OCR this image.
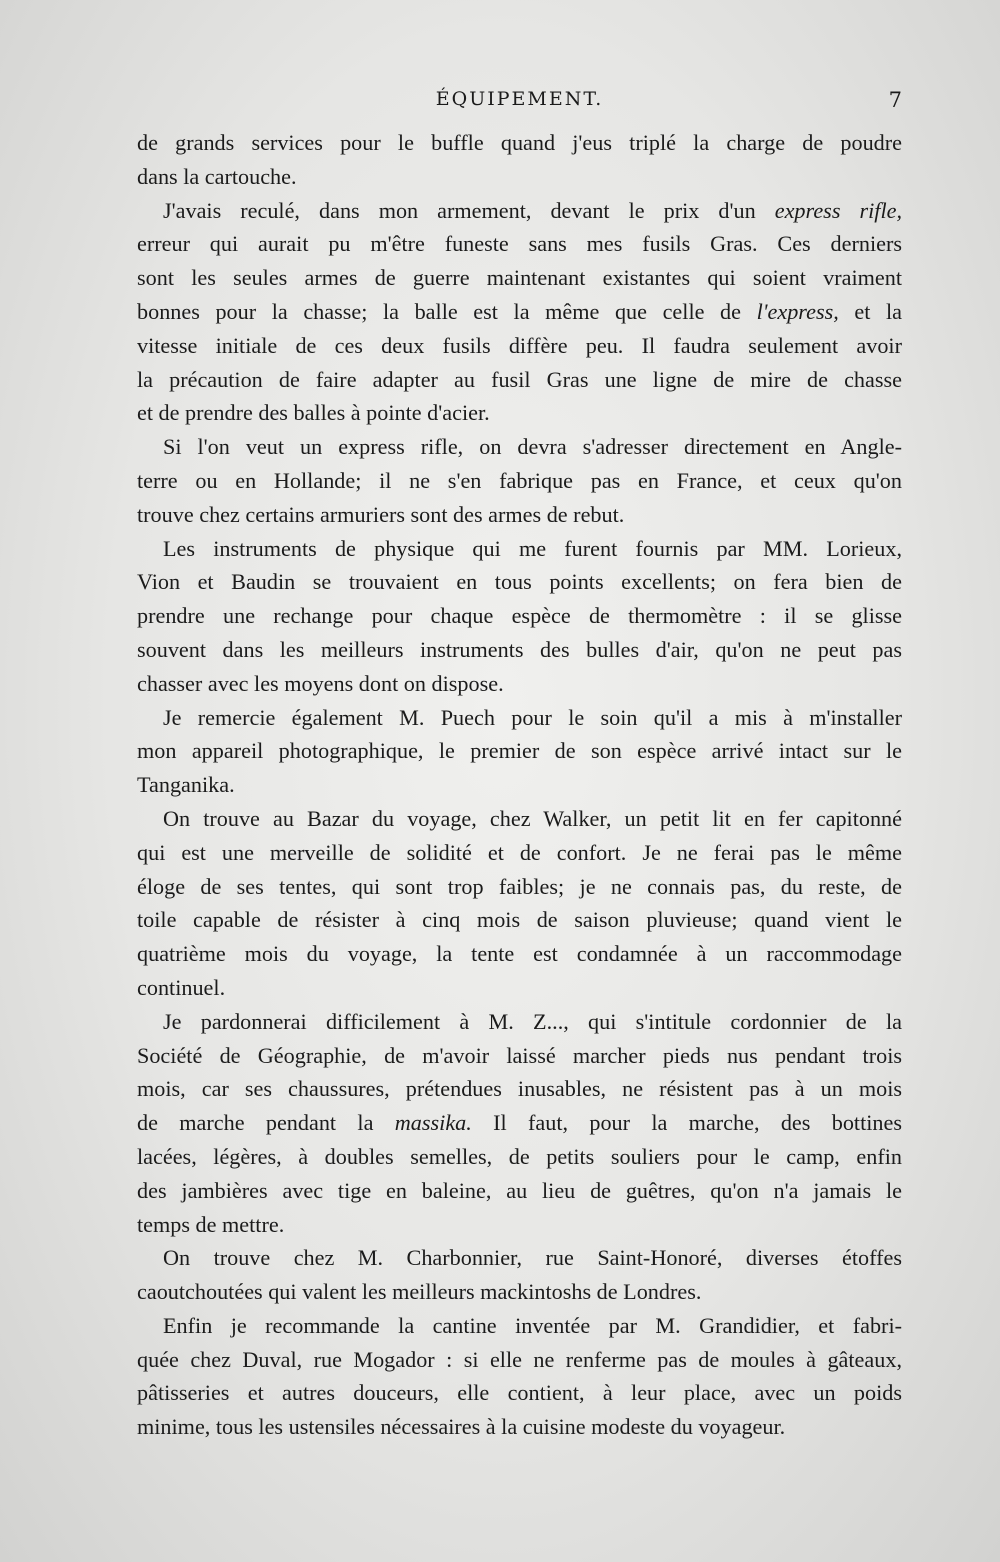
ÉQUIPEMENT.	7
de grands services pour le buffle quand j'eus triplé la charge de poudre
dans la cartouche.
J'avais reculé, dans mon armement, devant le prix d'un express rifle,
erreur qui aurait pu m'être funeste sans mes fusils Gras. Ces derniers
sont les seules armes de guerre maintenant existantes qui soient vraiment
bonnes pour la chasse; la balle est la même que celle de l'express, et la
vitesse initiale de ces deux fusils diffère peu. Il faudra seulement avoir
la précaution de faire adapter au fusil Gras une ligne de mire de chasse
et de prendre des balles à pointe d'acier.
Si l'on veut un express rifle, on devra s'adresser directement en Angle-
terre ou en Hollande; il ne s'en fabrique pas en France, et ceux qu'on
trouve chez certains armuriers sont des armes de rebut.
Les instruments de physique qui me furent fournis par MM. Lorieux,
Vion et Baudin se trouvaient en tous points excellents; on fera bien de
prendre une rechange pour chaque espèce de thermomètre : il se glisse
souvent dans les meilleurs instruments des bulles d'air, qu'on ne peut pas
chasser avec les moyens dont on dispose.
Je remercie également M. Puech pour le soin qu'il a mis à m'installer
mon appareil photographique, le premier de son espèce arrivé intact sur le
Tanganika.
On trouve au Bazar du voyage, chez Walker, un petit lit en fer capitonné
qui est une merveille de solidité et de confort. Je ne ferai pas le même
éloge de ses tentes, qui sont trop faibles; je ne connais pas, du reste, de
toile capable de résister à cinq mois de saison pluvieuse; quand vient le
quatrième mois du voyage, la tente est condamnée à un raccommodage
continuel.
Je pardonnerai difficilement à M. Z..., qui s'intitule cordonnier de la
Société de Géographie, de m'avoir laissé marcher pieds nus pendant trois
mois, car ses chaussures, prétendues inusables, ne résistent pas à un mois
de marche pendant la massika. Il faut, pour la marche, des bottines
lacées, légères, à doubles semelles, de petits souliers pour le camp, enfin
des jambières avec tige en baleine, au lieu de guêtres, qu'on n'a jamais le
temps de mettre.
On trouve chez M. Charbonnier, rue Saint-Honoré, diverses étoffes
caoutchoutées qui valent les meilleurs mackintoshs de Londres.
Enfin je recommande la cantine inventée par M. Grandidier, et fabri-
quée chez Duval, rue Mogador : si elle ne renferme pas de moules à gâteaux,
pâtisseries et autres douceurs, elle contient, à leur place, avec un poids
minime, tous les ustensiles nécessaires à la cuisine modeste du voyageur.
